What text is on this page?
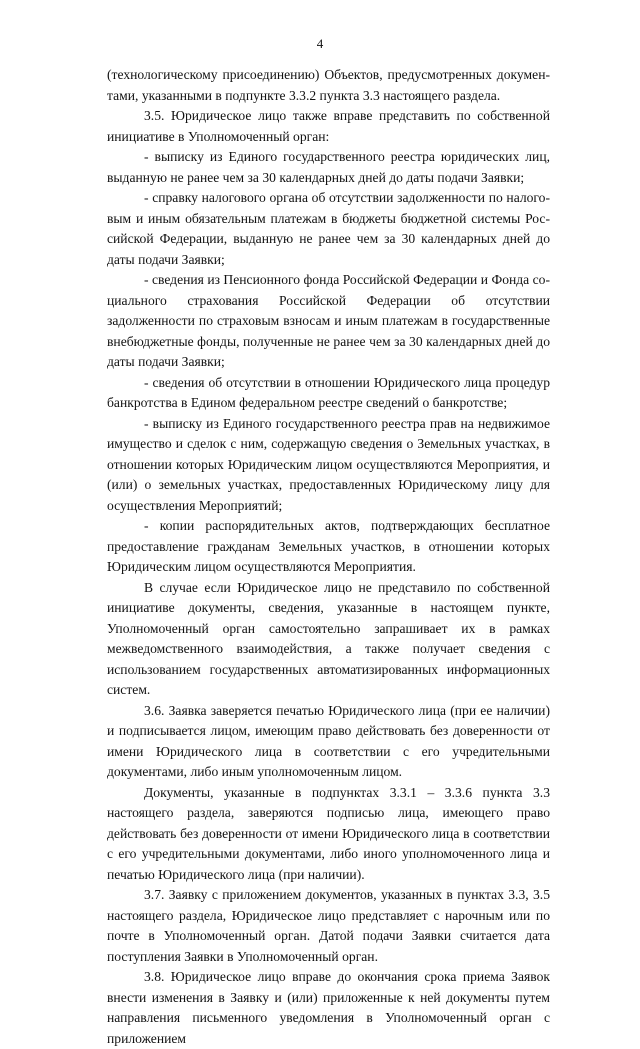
4

(технологическому присоединению) Объектов, предусмотренных документами, указанными в подпункте 3.3.2 пункта 3.3 настоящего раздела.

3.5. Юридическое лицо также вправе представить по собственной инициативе в Уполномоченный орган:

- выписку из Единого государственного реестра юридических лиц, выданную не ранее чем за 30 календарных дней до даты подачи Заявки;

- справку налогового органа об отсутствии задолженности по налоговым и иным обязательным платежам в бюджеты бюджетной системы Российской Федерации, выданную не ранее чем за 30 календарных дней до даты подачи Заявки;

- сведения из Пенсионного фонда Российской Федерации и Фонда социального страхования Российской Федерации об отсутствии задолженности по страховым взносам и иным платежам в государственные внебюджетные фонды, полученные не ранее чем за 30 календарных дней до даты подачи Заявки;

- сведения об отсутствии в отношении Юридического лица процедур банкротства в Едином федеральном реестре сведений о банкротстве;

- выписку из Единого государственного реестра прав на недвижимое имущество и сделок с ним, содержащую сведения о Земельных участках, в отношении которых Юридическим лицом осуществляются Мероприятия, и (или) о земельных участках, предоставленных Юридическому лицу для осуществления Мероприятий;

- копии распорядительных актов, подтверждающих бесплатное предоставление гражданам Земельных участков, в отношении которых Юридическим лицом осуществляются Мероприятия.

В случае если Юридическое лицо не представило по собственной инициативе документы, сведения, указанные в настоящем пункте, Уполномоченный орган самостоятельно запрашивает их в рамках межведомственного взаимодействия, а также получает сведения с использованием государственных автоматизированных информационных систем.

3.6. Заявка заверяется печатью Юридического лица (при ее наличии) и подписывается лицом, имеющим право действовать без доверенности от имени Юридического лица в соответствии с его учредительными документами, либо иным уполномоченным лицом.

Документы, указанные в подпунктах 3.3.1 – 3.3.6 пункта 3.3 настоящего раздела, заверяются подписью лица, имеющего право действовать без доверенности от имени Юридического лица в соответствии с его учредительными документами, либо иного уполномоченного лица и печатью Юридического лица (при наличии).

3.7. Заявку с приложением документов, указанных в пунктах 3.3, 3.5 настоящего раздела, Юридическое лицо представляет с нарочным или по почте в Уполномоченный орган. Датой подачи Заявки считается дата поступления Заявки в Уполномоченный орган.

3.8. Юридическое лицо вправе до окончания срока приема Заявок внести изменения в Заявку и (или) приложенные к ней документы путем направления письменного уведомления в Уполномоченный орган с приложением
